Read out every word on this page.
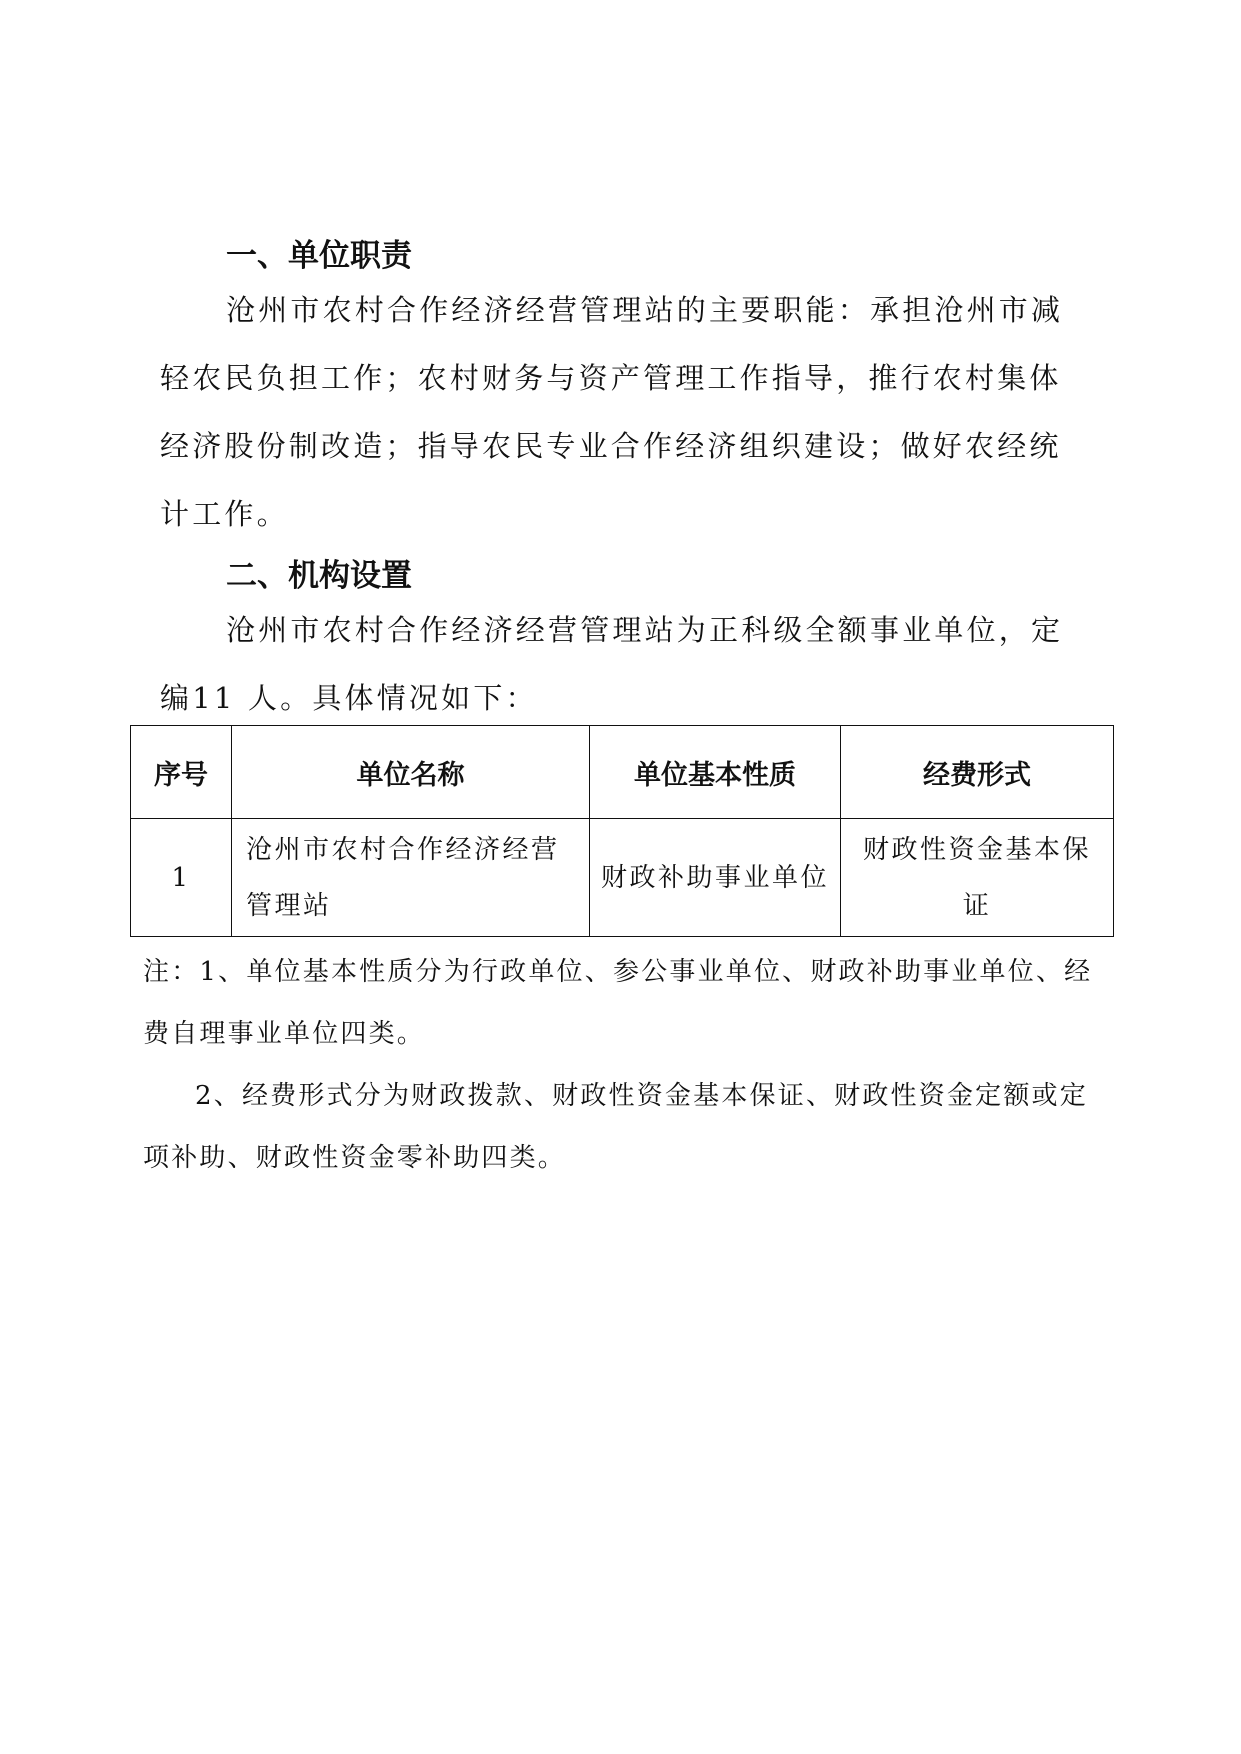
一、单位职责

沧州市农村合作经济经营管理站的主要职能：承担沧州市减轻农民负担工作；农村财务与资产管理工作指导，推行农村集体经济股份制改造；指导农民专业合作经济组织建设；做好农经统计工作。

二、机构设置

沧州市农村合作经济经营管理站为正科级全额事业单位，定编11 人。具体情况如下：

序号	单位名称	单位基本性质	经费形式
1	沧州市农村合作经济经营管理站	财政补助事业单位	财政性资金基本保证

注：1、单位基本性质分为行政单位、参公事业单位、财政补助事业单位、经费自理事业单位四类。

2、经费形式分为财政拨款、财政性资金基本保证、财政性资金定额或定项补助、财政性资金零补助四类。
